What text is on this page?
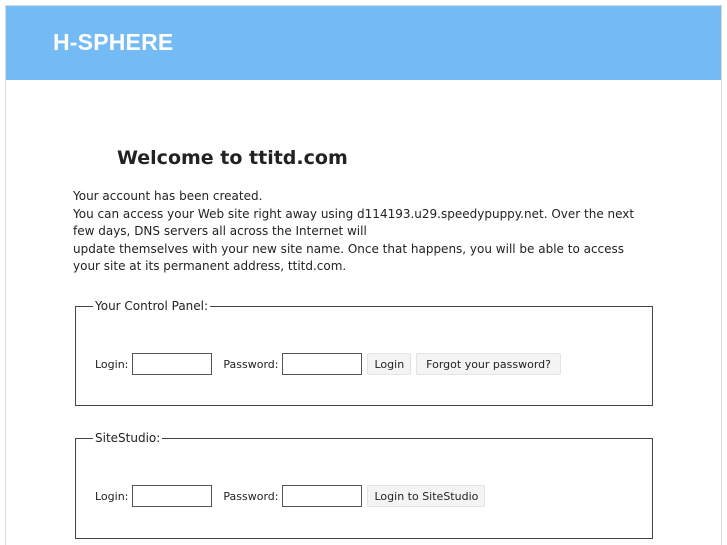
H-SPHERE
Welcome to ttitd.com
Your account has been created.
You can access your Web site right away using d114193.u29.speedypuppy.net. Over the next few days, DNS servers all across the Internet will
update themselves with your new site name. Once that happens, you will be able to access your site at its permanent address, ttitd.com.
Your Control Panel:
Login:	Password:	Login	Forgot your password?
SiteStudio:
Login:	Password:	Login to SiteStudio
